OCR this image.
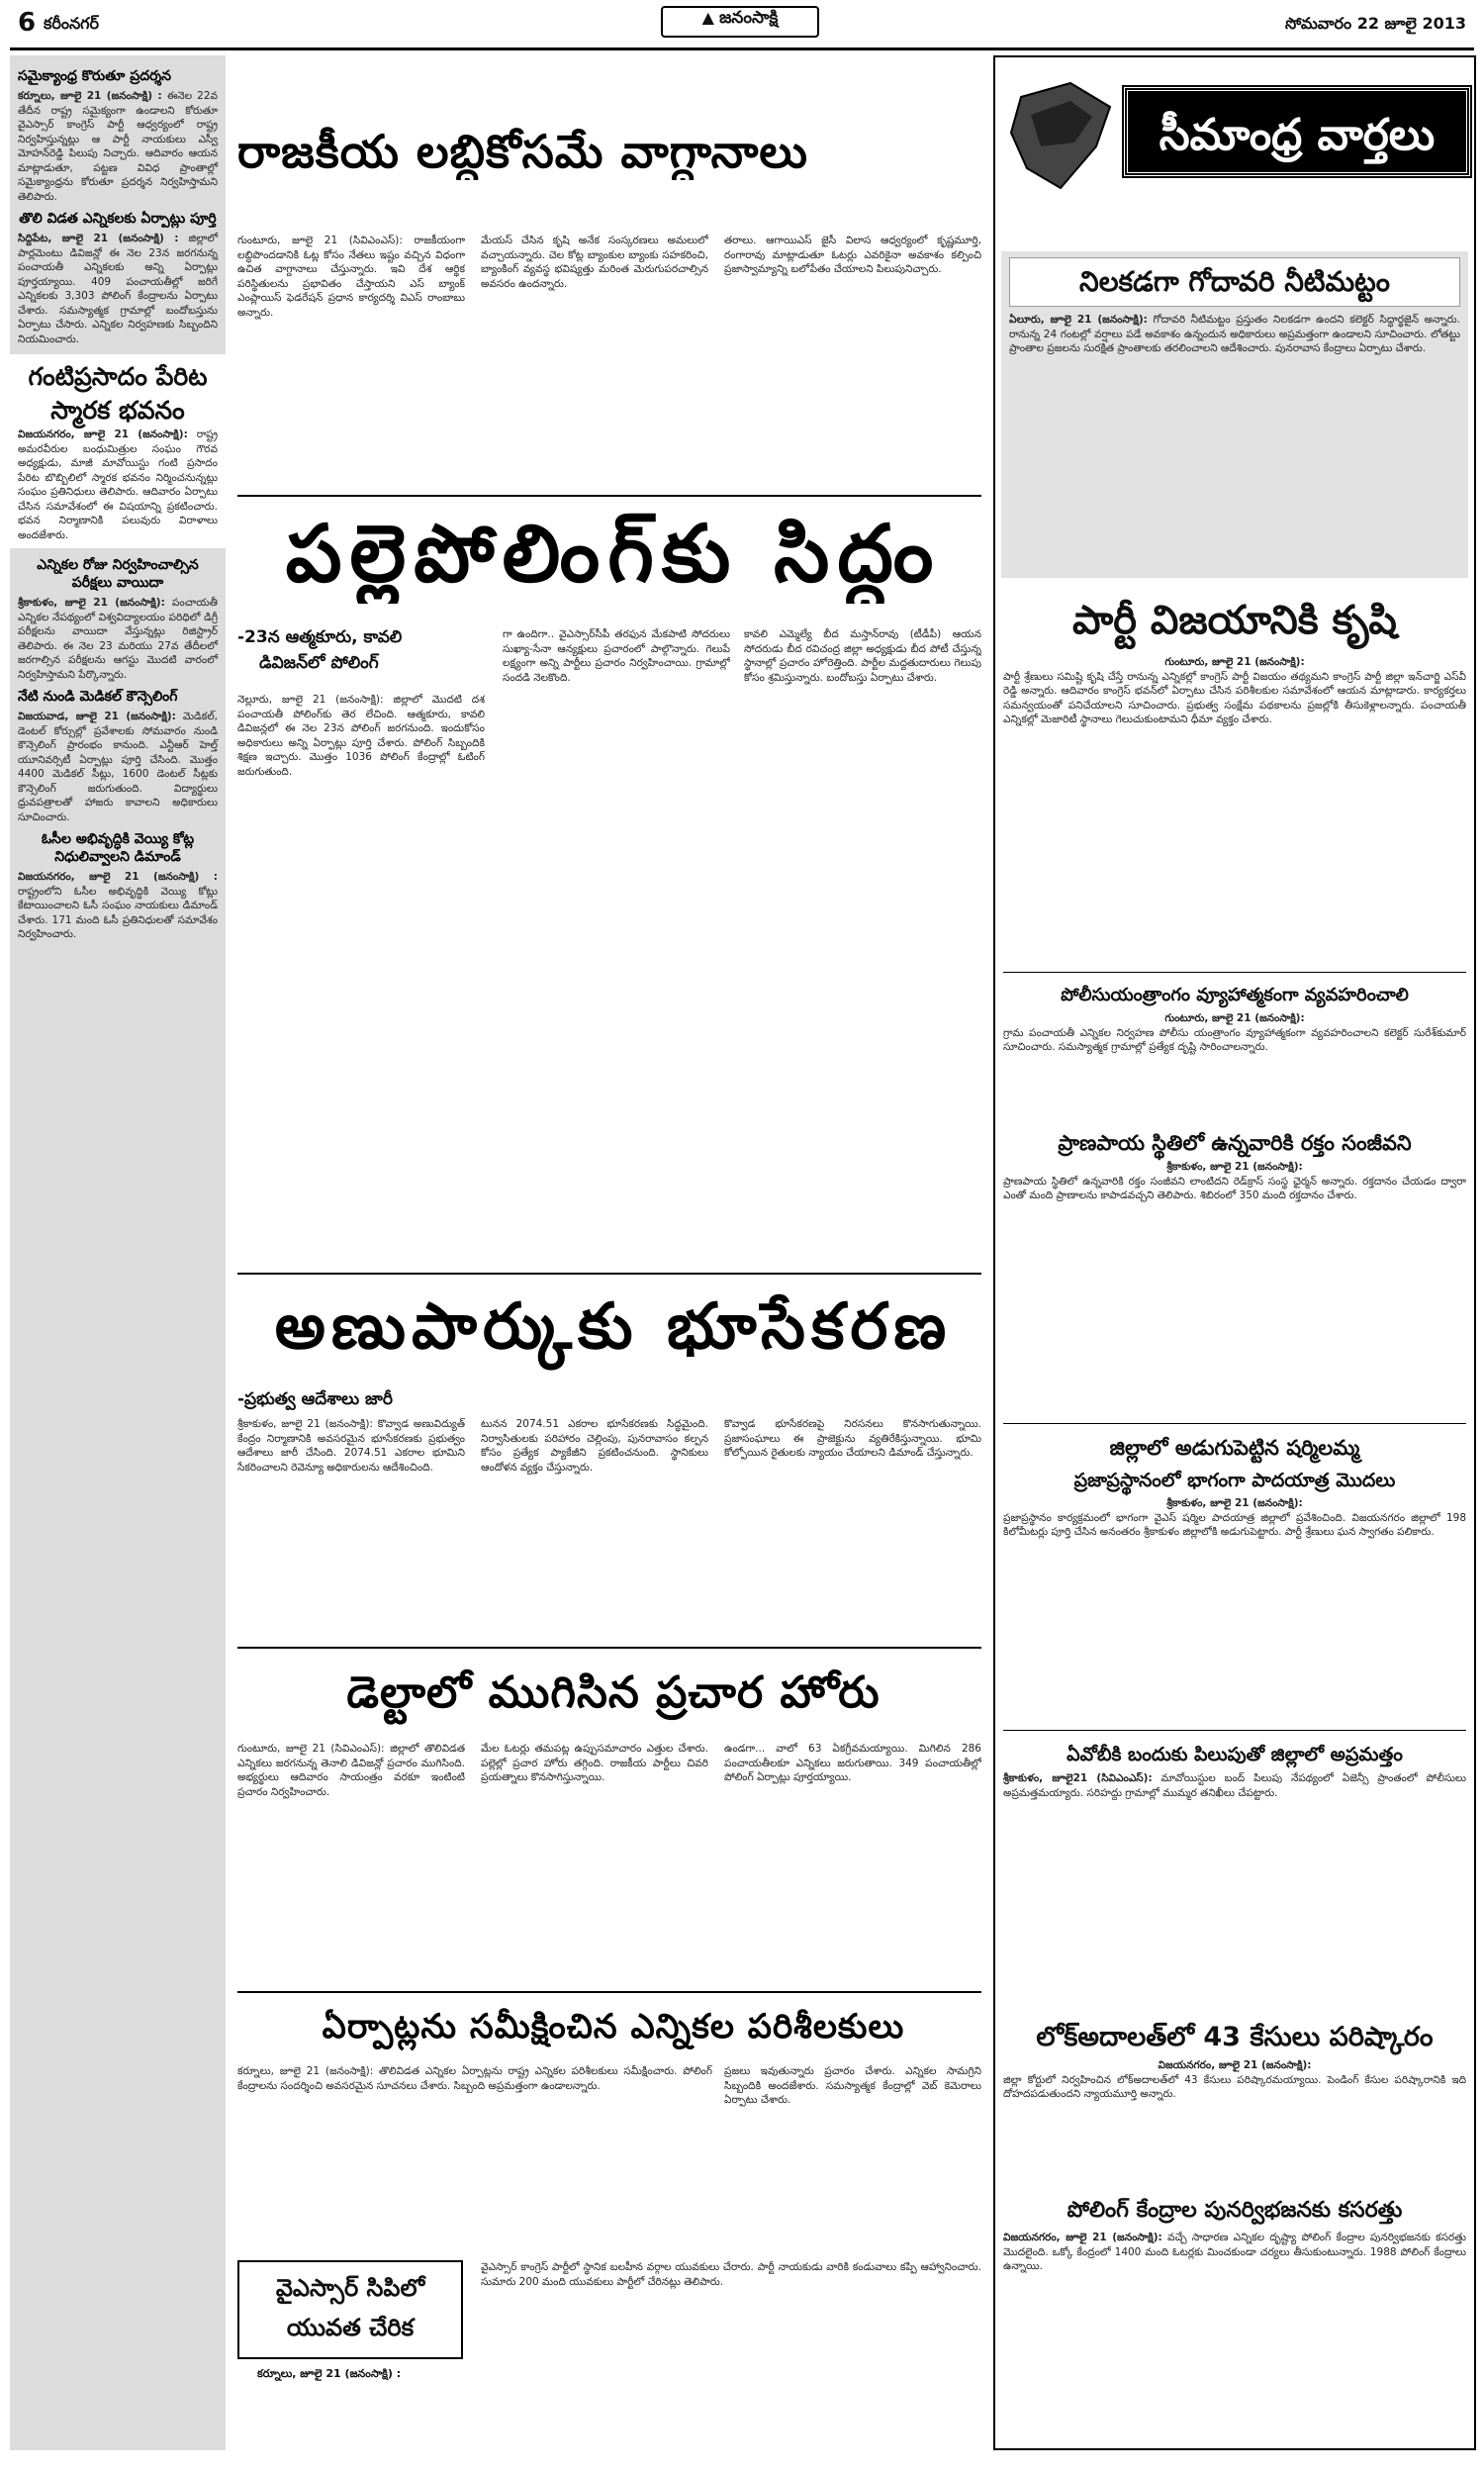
6 కరీంనగర్	▲ జనంసాక్షి	సోమవారం 22 జూలై 2013
సమైక్యాంధ్ర కొరుతూ ప్రదర్శన
కర్నూలు, జూలై 21 (జనంసాక్షి) : ఈనెల 22వ తేదీన రాష్ట్ర సమైక్యంగా ఉండాలని కోరుతూ వైఎస్సార్ కాంగ్రెస్ పార్టీ ఆధ్వర్యంలో రాష్ట్ర నిర్వహిస్తున్నట్లు ఆ పార్టీ నాయకులు ఎస్వీ మోహన్‌రెడ్డి పిలుపు నిచ్చారు. ఆదివారం ఆయన మాట్లాడుతూ, పట్టణ వివిధ ప్రాంతాల్లో సమైక్యాంధ్రను కోరుతూ ప్రదర్శన నిర్వహిస్తామని తెలిపారు.
తొలి విడత ఎన్నికలకు ఏర్పాట్లు పూర్తి
సిద్దిపేట, జూలై 21 (జనంసాక్షి) : జిల్లాలో పార్లమెంటు డివిజన్లో ఈ నెల 23న జరగనున్న పంచాయతీ ఎన్నికలకు అన్ని ఏర్పాట్లు పూర్తయ్యాయి. 409 పంచాయతీల్లో జరిగే ఎన్నికలకు 3,303 పోలింగ్ కేంద్రాలను ఏర్పాటు చేశారు. సమస్యాత్మక గ్రామాల్లో బందోబస్తును ఏర్పాటు చేసారు. ఎన్నికల నిర్వహణకు సిబ్బందిని నియమించారు.
గంటిప్రసాదం పేరిట స్మారక భవనం
విజయనగరం, జూలై 21 (జనంసాక్షి): రాష్ట్ర అమరవీరుల బంధుమిత్రుల సంఘం గౌరవ అధ్యక్షుడు, మాజీ మావోయిస్టు గంటి ప్రసాదం పేరిట బొబ్బిలిలో స్మారక భవనం నిర్మించనున్నట్లు సంఘం ప్రతినిధులు తెలిపారు. ఆదివారం ఏర్పాటు చేసిన సమావేశంలో ఈ విషయాన్ని ప్రకటించారు. భవన నిర్మాణానికి పలువురు విరాళాలు అందజేశారు.
ఎన్నికల రోజు నిర్వహించాల్సిన పరీక్షలు వాయిదా
శ్రీకాకుళం, జూలై 21 (జనంసాక్షి): పంచాయతీ ఎన్నికల నేపథ్యంలో విశ్వవిద్యాలయం పరిధిలో డిగ్రీ పరీక్షలను వాయిదా వేస్తున్నట్లు రిజిస్ట్రార్ తెలిపారు. ఈ నెల 23 మరియు 27వ తేదీలలో జరగాల్సిన పరీక్షలను ఆగస్టు మొదటి వారంలో నిర్వహిస్తామని పేర్కొన్నారు.
నేటి నుండి మెడికల్ కౌన్సెలింగ్
విజయవాడ, జూలై 21 (జనంసాక్షి): మెడికల్, డెంటల్ కోర్సుల్లో ప్రవేశాలకు సోమవారం నుండి కౌన్సెలింగ్ ప్రారంభం కానుంది. ఎన్టీఆర్ హెల్త్ యూనివర్సిటీ ఏర్పాట్లు పూర్తి చేసింది. మొత్తం 4400 మెడికల్ సీట్లు, 1600 డెంటల్ సీట్లకు కౌన్సెలింగ్ జరుగుతుంది. విద్యార్థులు ధ్రువపత్రాలతో హాజరు కావాలని అధికారులు సూచించారు.
ఓసీల అభివృద్ధికి వెయ్యి కోట్ల నిధులివ్వాలని డిమాండ్
విజయనగరం, జూలై 21 (జనంసాక్షి) : రాష్ట్రంలోని ఓసీల అభివృద్ధికి వెయ్యి కోట్లు కేటాయించాలని ఓసీ సంఘం నాయకులు డిమాండ్ చేశారు. 171 మంది ఓసీ ప్రతినిధులతో సమావేశం నిర్వహించారు.
రాజకీయ లబ్ధికోసమే వాగ్దానాలు
గుంటూరు, జూలై 21 (సివిఎంఎస్): రాజకీయంగా లబ్ధిపొందడానికి ఓట్ల కోసం నేతలు ఇష్టం వచ్చిన విధంగా ఉచిత వాగ్దానాలు చేస్తున్నారు. ఇవి దేశ ఆర్థిక పరిస్థితులను ప్రభావితం చేస్తాయని ఎస్ బ్యాంక్ ఎంప్లాయిస్ ఫెడరేషన్ ప్రధాన కార్యదర్శి విఎస్ రాంబాబు అన్నారు.
మేయస్ చేసిన కృషి అనేక సంస్కరణలు అమలులో వచ్చాయన్నారు. చెల కోట్ల బ్యాంకుల బ్యాంకు సహకరించి, బ్యాంకింగ్ వ్యవస్థ భవిష్యత్తు మరింత మెరుగుపరచాల్సిన అవసరం ఉందన్నారు.
తరాలు. ఆగాయిఎస్ జైసీ విలాస ఆధ్వర్యంలో కృష్ణమూర్తి, రంగారావు మాట్లాడుతూ ఓటర్లు ఎవరికైనా అవకాశం కల్పించి ప్రజాస్వామ్యాన్ని బలోపేతం చేయాలని పిలుపునిచ్చారు.
పల్లెపోలింగ్‌కు సిద్ధం
-23న ఆత్మకూరు, కావలి
డివిజన్‌లో పోలింగ్
నెల్లూరు, జూలై 21 (జనంసాక్షి): జిల్లాలో మొదటి దశ పంచాయతీ పోలింగ్‌కు తెర లేచింది. ఆత్మకూరు, కావలి డివిజన్లలో ఈ నెల 23న పోలింగ్ జరగనుంది. ఇందుకోసం అధికారులు అన్ని ఏర్పాట్లు పూర్తి చేశారు. పోలింగ్ సిబ్బందికి శిక్షణ ఇచ్చారు. మొత్తం 1036 పోలింగ్ కేంద్రాల్లో ఓటింగ్ జరుగుతుంది.
గా ఉందిగా.. వైఎస్సార్‌సీపీ తరఫున మేకపాటి సోదరులు సుఖ్యా-సేనా ఆన్యక్షులు ప్రచారంలో పాల్గొన్నారు. గెలుపే లక్ష్యంగా అన్ని పార్టీలు ప్రచారం నిర్వహించాయి. గ్రామాల్లో సందడి నెలకొంది.
కావలి ఎమ్మెల్యే బీద మస్తాన్‌రావు (టీడీపీ) ఆయన సోదరుడు బీద రవిచంద్ర జిల్లా అధ్యక్షుడు బీద పోటీ చేస్తున్న స్థానాల్లో ప్రచారం హోరెత్తింది. పార్టీల మద్దతుదారులు గెలుపు కోసం శ్రమిస్తున్నారు. బందోబస్తు ఏర్పాటు చేశారు.
అణుపార్కుకు భూసేకరణ
-ప్రభుత్వ ఆదేశాలు జారీ
శ్రీకాకుళం, జూలై 21 (జనంసాక్షి): కొవ్వాడ అణువిద్యుత్ కేంద్రం నిర్మాణానికి అవసరమైన భూసేకరణకు ప్రభుత్వం ఆదేశాలు జారీ చేసింది. 2074.51 ఎకరాల భూమిని సేకరించాలని రెవెన్యూ అధికారులను ఆదేశించింది.
టునన 2074.51 ఎకరాల భూసేకరణకు సిద్ధమైంది. నిర్వాసితులకు పరిహారం చెల్లింపు, పునరావాసం కల్పన కోసం ప్రత్యేక ప్యాకేజీని ప్రకటించనుంది. స్థానికులు ఆందోళన వ్యక్తం చేస్తున్నారు.
కొవ్వాడ భూసేకరణపై నిరసనలు కొనసాగుతున్నాయి. ప్రజాసంఘాలు ఈ ప్రాజెక్టును వ్యతిరేకిస్తున్నాయి. భూమి కోల్పోయిన రైతులకు న్యాయం చేయాలని డిమాండ్ చేస్తున్నారు.
డెల్టాలో ముగిసిన ప్రచార హోరు
గుంటూరు, జూలై 21 (సివిఎంఎస్): జిల్లాలో తొలివిడత ఎన్నికలు జరగనున్న తెనాలి డివిజన్లో ప్రచారం ముగిసింది. అభ్యర్థులు ఆదివారం సాయంత్రం వరకూ ఇంటింటి ప్రచారం నిర్వహించారు.
మేల ఓటర్లు తమపట్ల ఉప్పుసమాచారం ఎత్తుల చేశారు. పల్లెల్లో ప్రచార హోరు తగ్గింది. రాజకీయ పార్టీలు చివరి ప్రయత్నాలు కొనసాగిస్తున్నాయి.
ఉండగా... వాలో 63 ఏకగ్రీవమయ్యాయి. మిగిలిన 286 పంచాయతీలకూ ఎన్నికలు జరుగుతాయి. 349 పంచాయతీల్లో పోలింగ్ ఏర్పాట్లు పూర్తయ్యాయి.
ఏర్పాట్లను సమీక్షించిన ఎన్నికల పరిశీలకులు
కర్నూలు, జూలై 21 (జనంసాక్షి): తొలివిడత ఎన్నికల ఏర్పాట్లను రాష్ట్ర ఎన్నికల పరిశీలకులు సమీక్షించారు. పోలింగ్ కేంద్రాలను సందర్శించి అవసరమైన సూచనలు చేశారు. సిబ్బంది అప్రమత్తంగా ఉండాలన్నారు.
ప్రజలు ఇవుతున్నారు ప్రచారం చేశారు. ఎన్నికల సామగ్రిని సిబ్బందికి అందజేశారు. సమస్యాత్మక కేంద్రాల్లో వెబ్ కెమెరాలు ఏర్పాటు చేశారు.
వైఎస్సార్ సిపిలో యువత చేరిక
కర్నూలు, జూలై 21 (జనంసాక్షి) :
వైఎస్సార్ కాంగ్రెస్ పార్టీలో స్థానిక బలహీన వర్గాల యువకులు చేరారు. పార్టీ నాయకుడు వారికి కండువాలు కప్పి ఆహ్వానించారు. సుమారు 200 మంది యువకులు పార్టీలో చేరినట్లు తెలిపారు.
సీమాంధ్ర వార్తలు
నిలకడగా గోదావరి నీటిమట్టం
ఏలూరు, జూలై 21 (జనంసాక్షి): గోదావరి నీటిమట్టం ప్రస్తుతం నిలకడగా ఉందని కలెక్టర్ సిద్ధార్థజైన్ అన్నారు. రానున్న 24 గంటల్లో వర్షాలు పడే అవకాశం ఉన్నందున అధికారులు అప్రమత్తంగా ఉండాలని సూచించారు. లోతట్టు ప్రాంతాల ప్రజలను సురక్షిత ప్రాంతాలకు తరలించాలని ఆదేశించారు. పునరావాస కేంద్రాలు ఏర్పాటు చేశారు.
పార్టీ విజయానికి కృషి
గుంటూరు, జూలై 21 (జనంసాక్షి):
పార్టీ శ్రేణులు సమిష్టి కృషి చేస్తే రానున్న ఎన్నికల్లో కాంగ్రెస్ పార్టీ విజయం తథ్యమని కాంగ్రెస్ పార్టీ జిల్లా ఇన్‌చార్జి ఎస్‌వీ రెడ్డి అన్నారు. ఆదివారం కాంగ్రెస్ భవన్‌లో ఏర్పాటు చేసిన పరిశీలకుల సమావేశంలో ఆయన మాట్లాడారు. కార్యకర్తలు సమన్వయంతో పనిచేయాలని సూచించారు. ప్రభుత్వ సంక్షేమ పథకాలను ప్రజల్లోకి తీసుకెళ్లాలన్నారు. పంచాయతీ ఎన్నికల్లో మెజారిటీ స్థానాలు గెలుచుకుంటామని ధీమా వ్యక్తం చేశారు.
పోలీసుయంత్రాంగం వ్యూహాత్మకంగా వ్యవహరించాలి
గుంటూరు, జూలై 21 (జనంసాక్షి):
గ్రామ పంచాయతీ ఎన్నికల నిర్వహణ పోలీసు యంత్రాంగం వ్యూహాత్మకంగా వ్యవహరించాలని కలెక్టర్ సురేశ్‌కుమార్ సూచించారు. సమస్యాత్మక గ్రామాల్లో ప్రత్యేక దృష్టి సారించాలన్నారు.
ప్రాణపాయ స్థితిలో ఉన్నవారికి రక్తం సంజీవని
శ్రీకాకుళం, జూలై 21 (జనంసాక్షి):
ప్రాణపాయ స్థితిలో ఉన్నవారికి రక్తం సంజీవని లాంటిదని రెడ్‌క్రాస్ సంస్థ ఛైర్మన్ అన్నారు. రక్తదానం చేయడం ద్వారా ఎంతో మంది ప్రాణాలను కాపాడవచ్చని తెలిపారు. శిబిరంలో 350 మంది రక్తదానం చేశారు.
జిల్లాలో అడుగుపెట్టిన షర్మిలమ్మ
ప్రజాప్రస్థానంలో భాగంగా పాదయాత్ర మొదలు
శ్రీకాకుళం, జూలై 21 (జనంసాక్షి):
ప్రజాప్రస్థానం కార్యక్రమంలో భాగంగా వైఎస్ షర్మిల పాదయాత్ర జిల్లాలో ప్రవేశించింది. విజయనగరం జిల్లాలో 198 కిలోమీటర్లు పూర్తి చేసిన అనంతరం శ్రీకాకుళం జిల్లాలోకి అడుగుపెట్టారు. పార్టీ శ్రేణులు ఘన స్వాగతం పలికారు.
ఏవోబీకి బందుకు పిలుపుతో జిల్లాలో అప్రమత్తం
శ్రీకాకుళం, జూలై21 (సివిఎంఎస్): మావోయిస్టుల బంద్ పిలుపు నేపథ్యంలో ఏజెన్సీ ప్రాంతంలో పోలీసులు అప్రమత్తమయ్యారు. సరిహద్దు గ్రామాల్లో ముమ్మర తనిఖీలు చేపట్టారు.
లోక్‌అదాలత్‌లో 43 కేసులు పరిష్కారం
విజయనగరం, జూలై 21 (జనంసాక్షి):
జిల్లా కోర్టులో నిర్వహించిన లోక్‌అదాలత్‌లో 43 కేసులు పరిష్కారమయ్యాయి. పెండింగ్ కేసుల పరిష్కారానికి ఇది దోహదపడుతుందని న్యాయమూర్తి అన్నారు.
పోలింగ్ కేంద్రాల పునర్విభజనకు కసరత్తు
విజయనగరం, జూలై 21 (జనంసాక్షి): వచ్చే సాధారణ ఎన్నికల దృష్ట్యా పోలింగ్ కేంద్రాల పునర్విభజనకు కసరత్తు మొదలైంది. ఒక్కో కేంద్రంలో 1400 మంది ఓటర్లకు మించకుండా చర్యలు తీసుకుంటున్నారు. 1988 పోలింగ్ కేంద్రాలు ఉన్నాయి.
